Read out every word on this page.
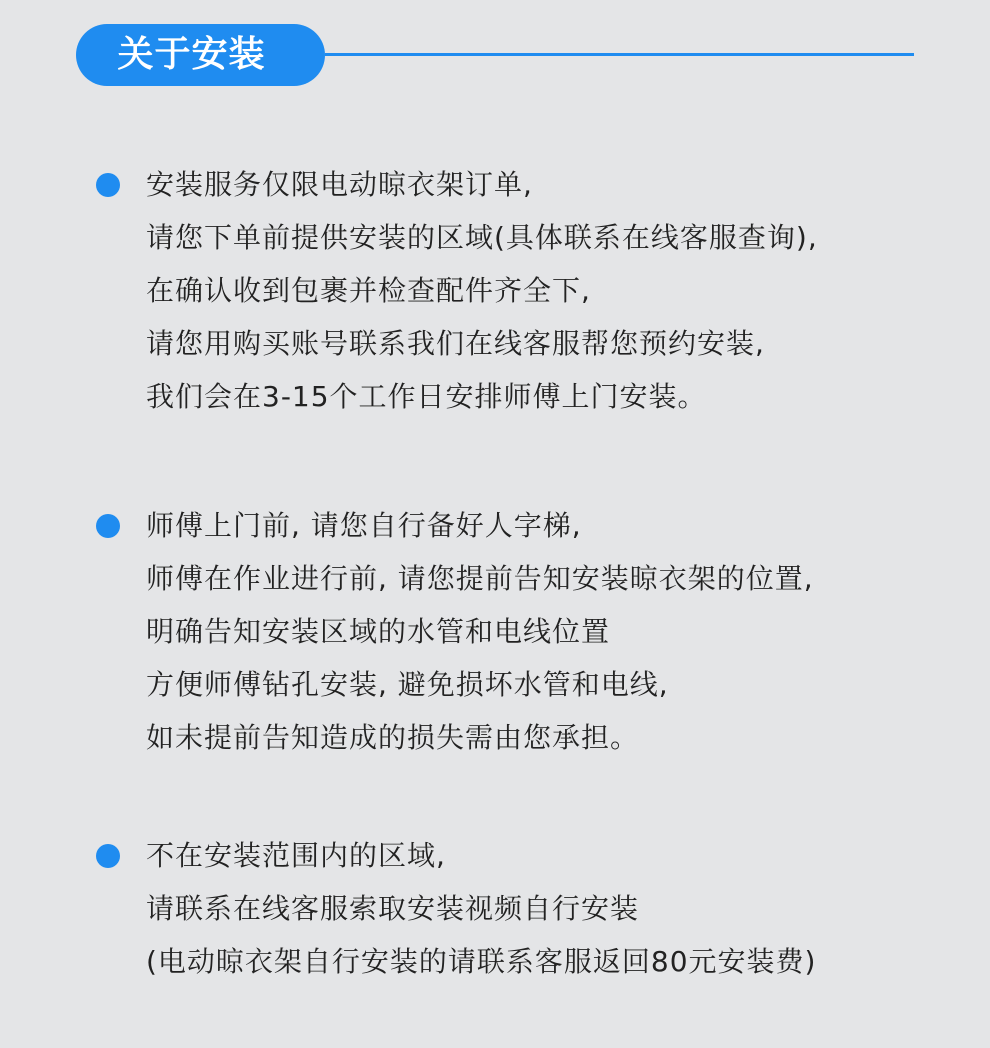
关于安装
安装服务仅限电动晾衣架订单,
请您下单前提供安装的区域(具体联系在线客服查询),
在确认收到包裹并检查配件齐全下,
请您用购买账号联系我们在线客服帮您预约安装,
我们会在3-15个工作日安排师傅上门安装。
师傅上门前, 请您自行备好人字梯,
师傅在作业进行前, 请您提前告知安装晾衣架的位置,
明确告知安装区域的水管和电线位置
方便师傅钻孔安装, 避免损坏水管和电线,
如未提前告知造成的损失需由您承担。
不在安装范围内的区域,
请联系在线客服索取安装视频自行安装
(电动晾衣架自行安装的请联系客服返回80元安装费)
